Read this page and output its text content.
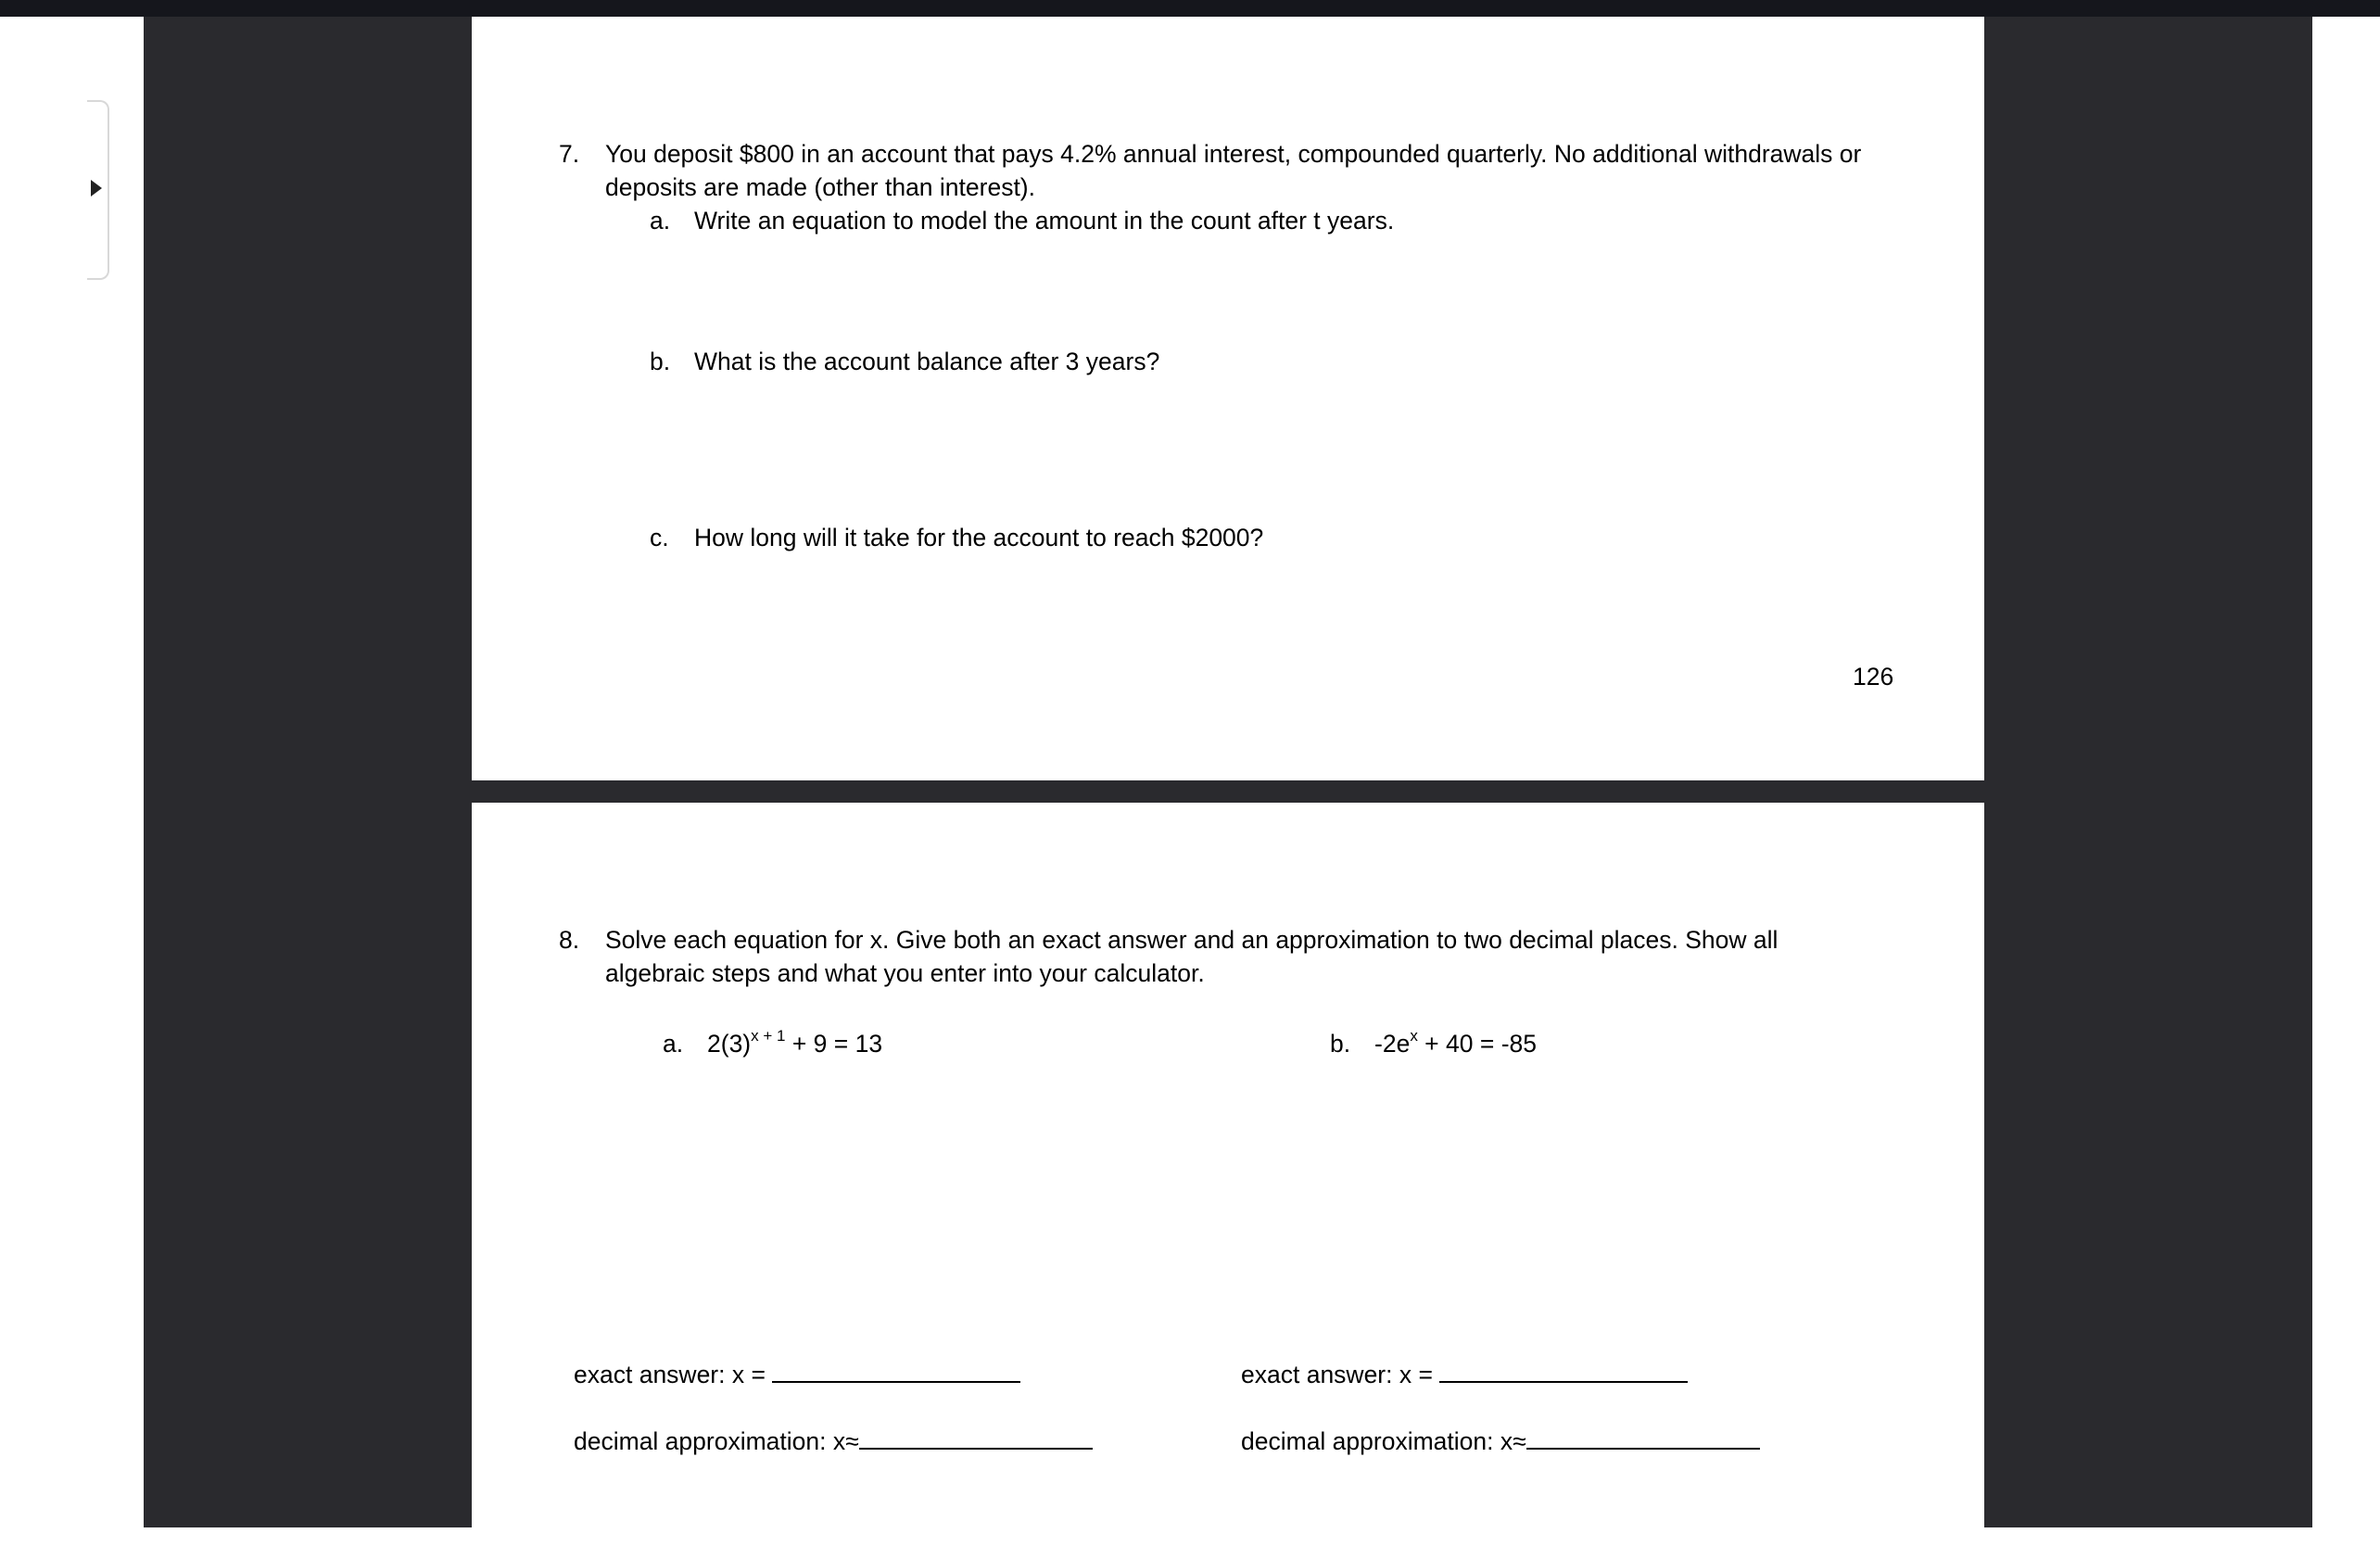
7.	You deposit $800 in an account that pays 4.2% annual interest, compounded quarterly. No additional withdrawals or
deposits are made (other than interest).
a. Write an equation to model the amount in the count after t years.
b. What is the account balance after 3 years?
c. How long will it take for the account to reach $2000?
126
8.	Solve each equation for x. Give both an exact answer and an approximation to two decimal places. Show all
algebraic steps and what you enter into your calculator.
a. $2(3)^{x + 1} + 9 = 13$	b. $-2e^x + 40 = -85$
exact answer: x =
decimal approximation: x≈
exact answer: x =
decimal approximation: x≈
